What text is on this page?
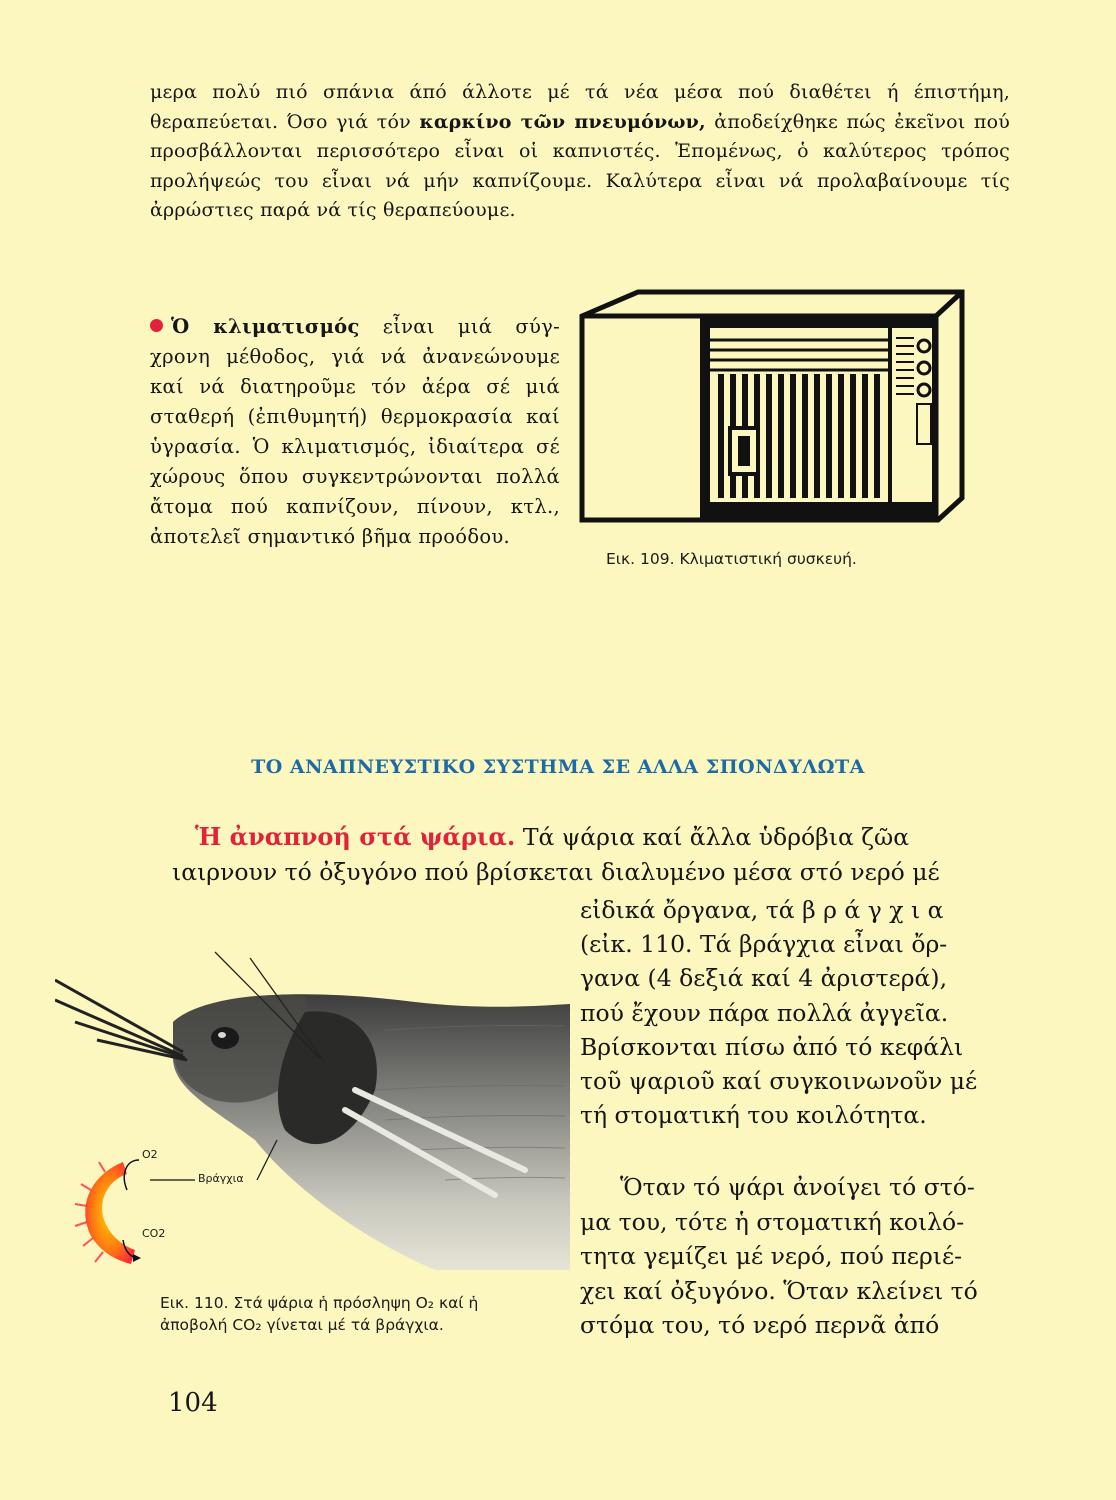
μερα πολύ πιό σπάνια άπό άλλοτε μέ τά νέα μέσα πού διαθέτει ή έπιστήμη, θεραπεύεται. Όσο γιά τόν καρκίνο τῶν πνευμόνων, ἀποδείχθηκε πώς ἐκεῖνοι πού προσβάλλονται περισσότερο εἶναι οἱ καπνιστές. Ἑπομένως, ὁ καλύτερος τρόπος προλήψεώς του εἶναι νά μήν καπνίζουμε. Καλύτερα εἶναι νά προλαβαίνουμε τίς ἀρρώστιες παρά νά τίς θεραπεύουμε.
Ὁ κλιματισμός εἶναι μιά σύγ-
χρονη μέθοδος, γιά νά ἀνανεώνουμε
καί νά διατηροῦμε τόν ἀέρα σέ μιά
σταθερή (ἐπιθυμητή) θερμοκρασία καί
ὑγρασία. Ὁ κλιματισμός, ἰδιαίτερα σέ
χώρους ὅπου συγκεντρώνονται πολλά
ἄτομα πού καπνίζουν, πίνουν, κτλ.,
ἀποτελεῖ σημαντικό βῆμα προόδου.
Εικ. 109. Κλιματιστική συσκευή.
ΤΟ ΑΝΑΠΝΕΥΣΤΙΚΟ ΣΥΣΤΗΜΑ ΣΕ ΑΛΛΑ ΣΠΟΝΔΥΛΩΤΑ
Ἡ ἀναπνοή στά ψάρια. Τά ψάρια καί ἄλλα ὑδρόβια ζῶα
ιαιρνουν τό ὀξυγόνο πού βρίσκεται διαλυμένο μέσα στό νερό μέ
εἰδικά ὄργανα, τά β ρ ά γ χ ι α
(εἰκ. 110. Τά βράγχια εἶναι ὄρ-
γανα (4 δεξιά καί 4 ἀριστερά),
πού ἔχουν πάρα πολλά ἀγγεῖα.
Βρίσκονται πίσω ἀπό τό κεφάλι
τοῦ ψαριοῦ καί συγκοινωνοῦν μέ
τή στοματική του κοιλότητα.
Ὅταν τό ψάρι ἀνοίγει τό στό-
μα του, τότε ἡ στοματική κοιλό-
τητα γεμίζει μέ νερό, πού περιέ-
χει καί ὀξυγόνο. Ὅταν κλείνει τό
στόμα του, τό νερό περνᾶ ἀπό
O2
Βράγχια
CO2
Εικ. 110. Στά ψάρια ἡ πρόσληψη O₂ καί ἡ
ἀποβολή CO₂ γίνεται μέ τά βράγχια.
104
